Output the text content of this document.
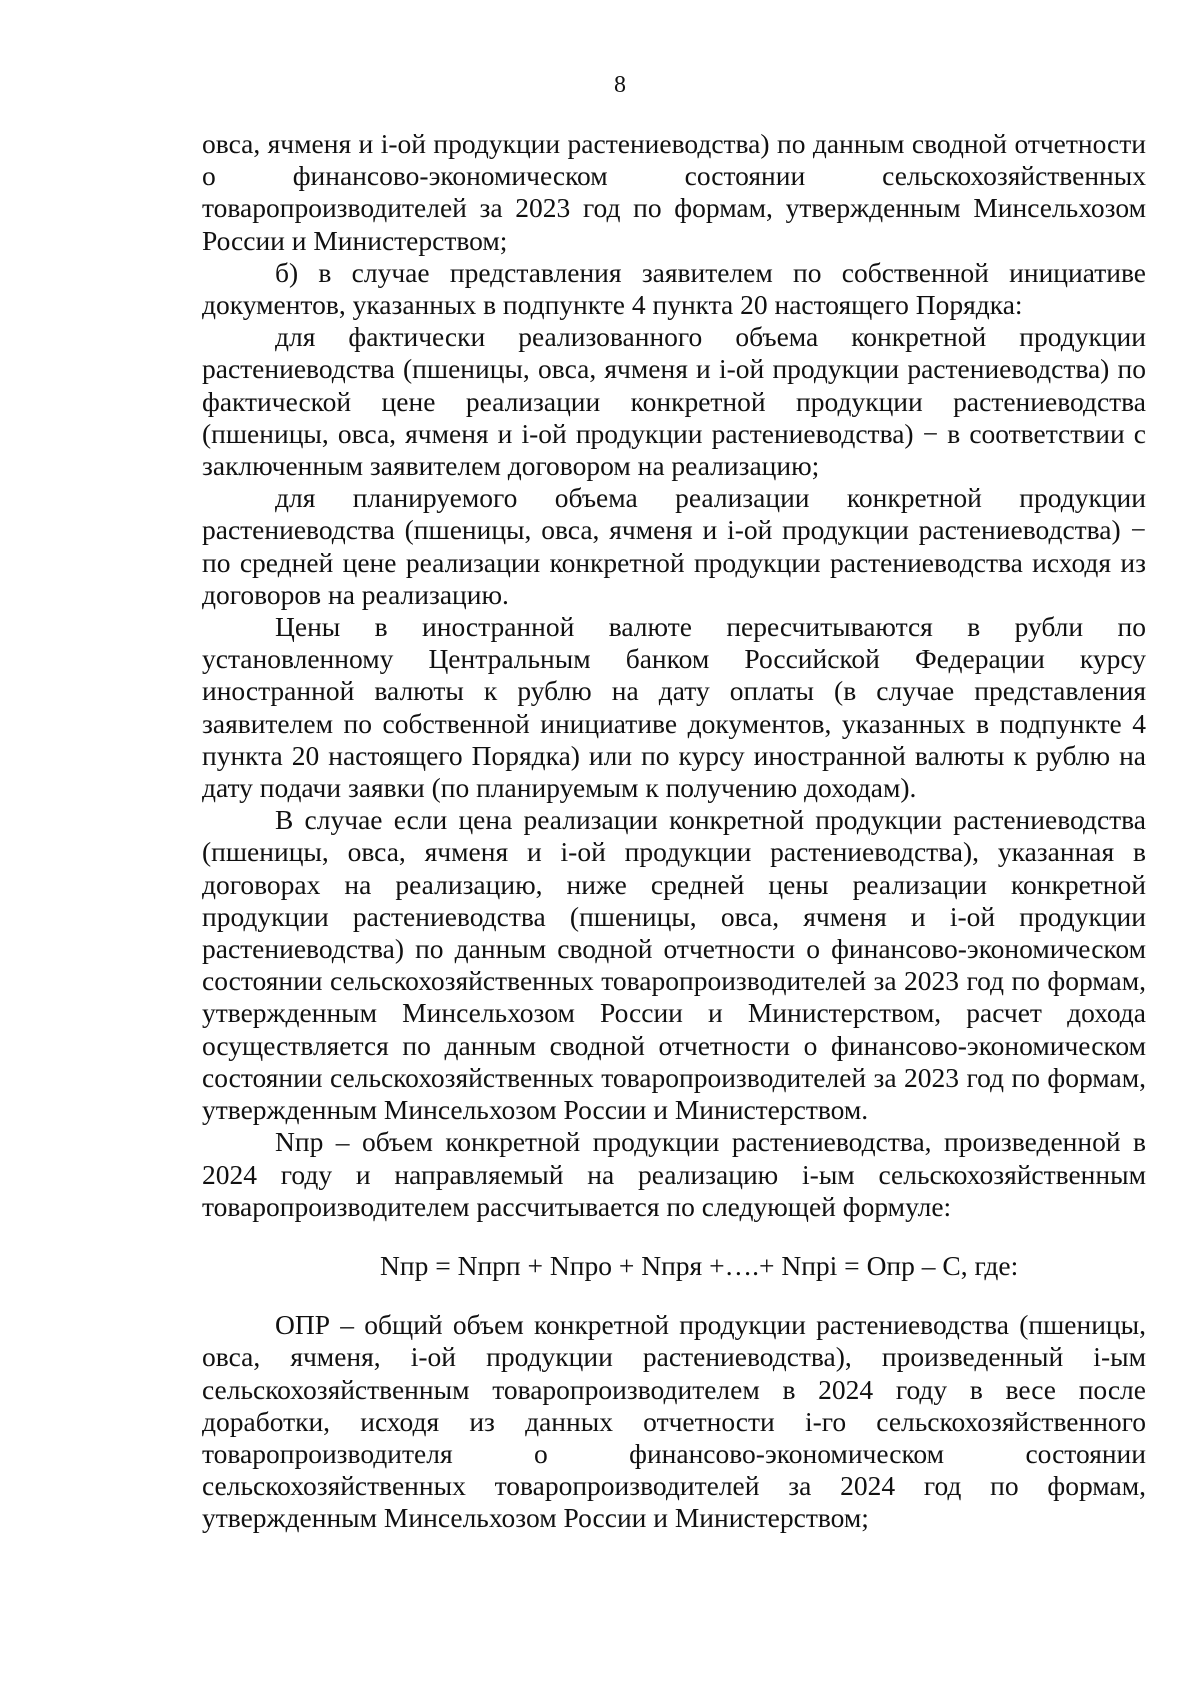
8

овса, ячменя и i-ой продукции растениеводства) по данным сводной отчетности о финансово-экономическом состоянии сельскохозяйственных товаропроизводителей за 2023 год по формам, утвержденным Минсельхозом России и Министерством;

б) в случае представления заявителем по собственной инициативе документов, указанных в подпункте 4 пункта 20 настоящего Порядка:

для фактически реализованного объема конкретной продукции растениеводства (пшеницы, овса, ячменя и i-ой продукции растениеводства) по фактической цене реализации конкретной продукции растениеводства (пшеницы, овса, ячменя и i-ой продукции растениеводства) − в соответствии с заключенным заявителем договором на реализацию;

для планируемого объема реализации конкретной продукции растениеводства (пшеницы, овса, ячменя и i-ой продукции растениеводства) − по средней цене реализации конкретной продукции растениеводства исходя из договоров на реализацию.

Цены в иностранной валюте пересчитываются в рубли по установленному Центральным банком Российской Федерации курсу иностранной валюты к рублю на дату оплаты (в случае представления заявителем по собственной инициативе документов, указанных в подпункте 4 пункта 20 настоящего Порядка) или по курсу иностранной валюты к рублю на дату подачи заявки (по планируемым к получению доходам).

В случае если цена реализации конкретной продукции растениеводства (пшеницы, овса, ячменя и i-ой продукции растениеводства), указанная в договорах на реализацию, ниже средней цены реализации конкретной продукции растениеводства (пшеницы, овса, ячменя и i-ой продукции растениеводства) по данным сводной отчетности о финансово-экономическом состоянии сельскохозяйственных товаропроизводителей за 2023 год по формам, утвержденным Минсельхозом России и Министерством, расчет дохода осуществляется по данным сводной отчетности о финансово-экономическом состоянии сельскохозяйственных товаропроизводителей за 2023 год по формам, утвержденным Минсельхозом России и Министерством.

Nпр – объем конкретной продукции растениеводства, произведенной в 2024 году и направляемый на реализацию i-ым сельскохозяйственным товаропроизводителем рассчитывается по следующей формуле:

Nпр = Nпрп + Nпро + Nпря +….+ Nпрi = Опр – С, где:

ОПР – общий объем конкретной продукции растениеводства (пшеницы, овса, ячменя, i-ой продукции растениеводства), произведенный i-ым сельскохозяйственным товаропроизводителем в 2024 году в весе после доработки, исходя из данных отчетности i-го сельскохозяйственного товаропроизводителя о финансово-экономическом состоянии сельскохозяйственных товаропроизводителей за 2024 год по формам, утвержденным Минсельхозом России и Министерством;
